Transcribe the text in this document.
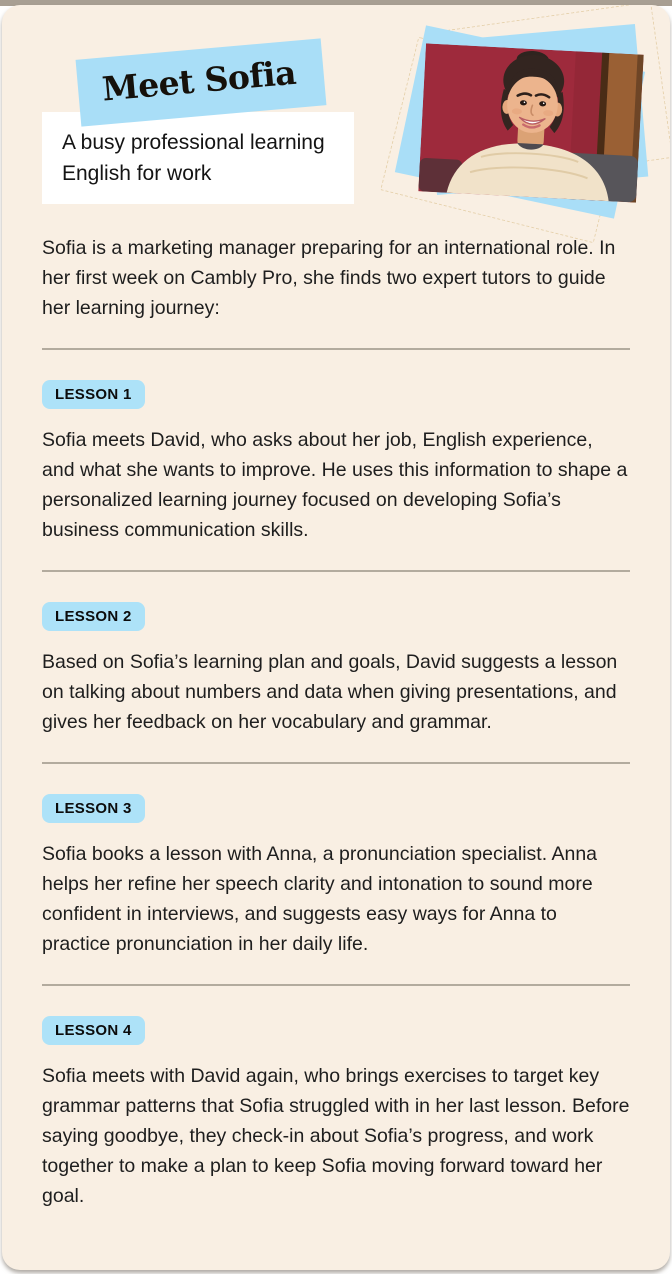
Meet Sofia

A busy professional learning English for work

Sofia is a marketing manager preparing for an international role. In her first week on Cambly Pro, she finds two expert tutors to guide her learning journey:

LESSON 1

Sofia meets David, who asks about her job, English experience, and what she wants to improve. He uses this information to shape a personalized learning journey focused on developing Sofia’s business communication skills.

LESSON 2

Based on Sofia’s learning plan and goals, David suggests a lesson on talking about numbers and data when giving presentations, and gives her feedback on her vocabulary and grammar.

LESSON 3

Sofia books a lesson with Anna, a pronunciation specialist. Anna helps her refine her speech clarity and intonation to sound more confident in interviews, and suggests easy ways for Anna to practice pronunciation in her daily life.

LESSON 4

Sofia meets with David again, who brings exercises to target key grammar patterns that Sofia struggled with in her last lesson. Before saying goodbye, they check-in about Sofia’s progress, and work together to make a plan to keep Sofia moving forward toward her goal.
